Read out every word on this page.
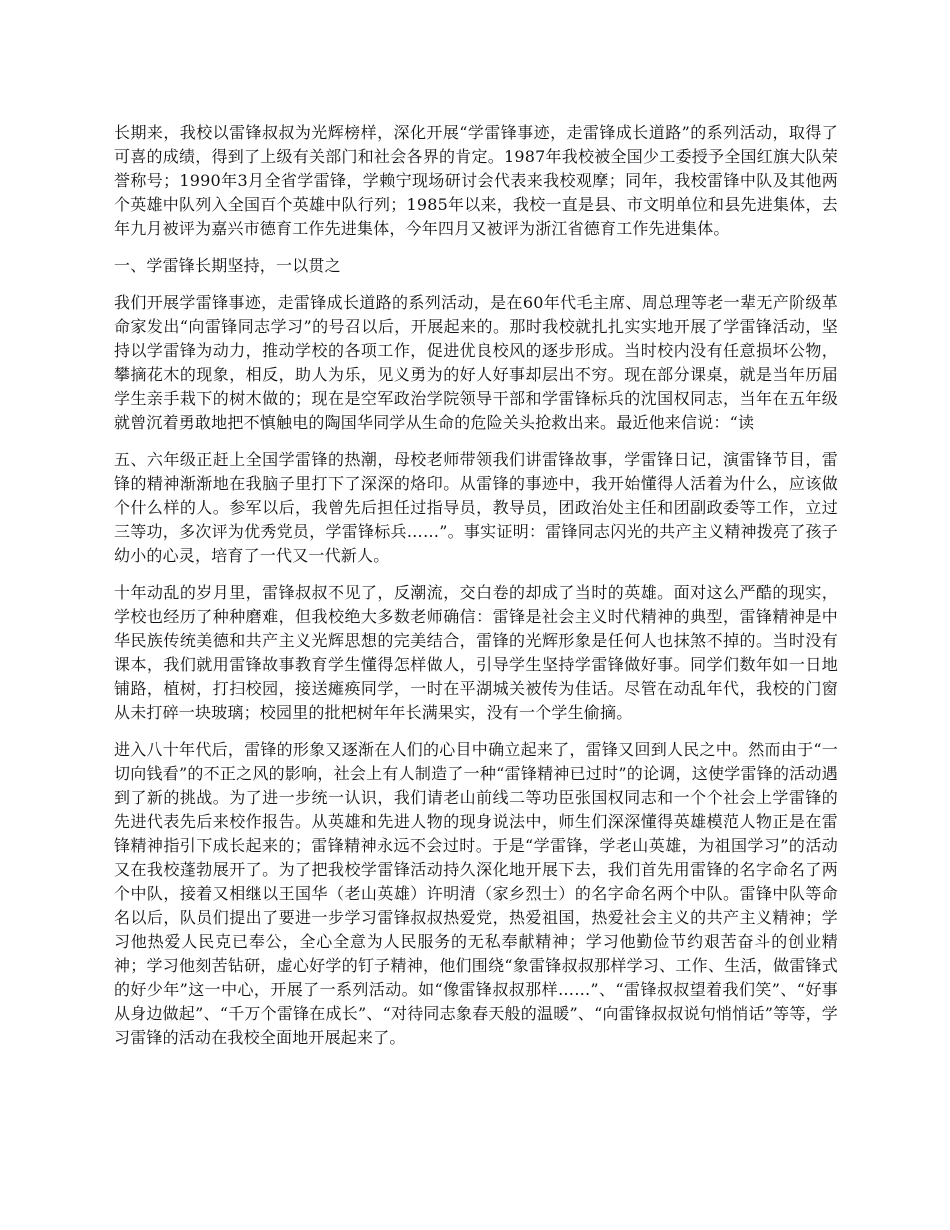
长期来，我校以雷锋叔叔为光辉榜样，深化开展“学雷锋事迹，走雷锋成长道路”的系列活动，取得了可喜的成绩，得到了上级有关部门和社会各界的肯定。1987年我校被全国少工委授予全国红旗大队荣誉称号；1990年3月全省学雷锋，学赖宁现场研讨会代表来我校观摩；同年，我校雷锋中队及其他两个英雄中队列入全国百个英雄中队行列；1985年以来，我校一直是县、市文明单位和县先进集体，去年九月被评为嘉兴市德育工作先进集体，今年四月又被评为浙江省德育工作先进集体。

一、学雷锋长期坚持，一以贯之

我们开展学雷锋事迹，走雷锋成长道路的系列活动，是在60年代毛主席、周总理等老一辈无产阶级革命家发出“向雷锋同志学习”的号召以后，开展起来的。那时我校就扎扎实实地开展了学雷锋活动，坚持以学雷锋为动力，推动学校的各项工作，促进优良校风的逐步形成。当时校内没有任意损坏公物，攀摘花木的现象，相反，助人为乐，见义勇为的好人好事却层出不穷。现在部分课桌，就是当年历届学生亲手栽下的树木做的；现在是空军政治学院领导干部和学雷锋标兵的沈国权同志，当年在五年级就曾沉着勇敢地把不慎触电的陶国华同学从生命的危险关头抢救出来。最近他来信说：“读

五、六年级正赶上全国学雷锋的热潮，母校老师带领我们讲雷锋故事，学雷锋日记，演雷锋节目，雷锋的精神渐渐地在我脑子里打下了深深的烙印。从雷锋的事迹中，我开始懂得人活着为什么，应该做个什么样的人。参军以后，我曾先后担任过指导员，教导员，团政治处主任和团副政委等工作，立过三等功，多次评为优秀党员，学雷锋标兵……”。事实证明：雷锋同志闪光的共产主义精神拨亮了孩子幼小的心灵，培育了一代又一代新人。

十年动乱的岁月里，雷锋叔叔不见了，反潮流，交白卷的却成了当时的英雄。面对这么严酷的现实，学校也经历了种种磨难，但我校绝大多数老师确信：雷锋是社会主义时代精神的典型，雷锋精神是中华民族传统美德和共产主义光辉思想的完美结合，雷锋的光辉形象是任何人也抹煞不掉的。当时没有课本，我们就用雷锋故事教育学生懂得怎样做人，引导学生坚持学雷锋做好事。同学们数年如一日地铺路，植树，打扫校园，接送瘫痪同学，一时在平湖城关被传为佳话。尽管在动乱年代，我校的门窗从未打碎一块玻璃；校园里的批杷树年年长满果实，没有一个学生偷摘。

进入八十年代后，雷锋的形象又逐渐在人们的心目中确立起来了，雷锋又回到人民之中。然而由于“一切向钱看”的不正之风的影响，社会上有人制造了一种“雷锋精神已过时”的论调，这使学雷锋的活动遇到了新的挑战。为了进一步统一认识，我们请老山前线二等功臣张国权同志和一个个社会上学雷锋的先进代表先后来校作报告。从英雄和先进人物的现身说法中，师生们深深懂得英雄模范人物正是在雷锋精神指引下成长起来的；雷锋精神永远不会过时。于是“学雷锋，学老山英雄，为祖国学习”的活动又在我校蓬勃展开了。为了把我校学雷锋活动持久深化地开展下去，我们首先用雷锋的名字命名了两个中队，接着又相继以王国华（老山英雄）许明清（家乡烈士）的名字命名两个中队。雷锋中队等命名以后，队员们提出了要进一步学习雷锋叔叔热爱党，热爱祖国，热爱社会主义的共产主义精神；学习他热爱人民克已奉公，全心全意为人民服务的无私奉献精神；学习他勤俭节约艰苦奋斗的创业精神；学习他刻苦钻研，虚心好学的钉子精神，他们围绕“象雷锋叔叔那样学习、工作、生活，做雷锋式的好少年”这一中心，开展了一系列活动。如“像雷锋叔叔那样……”、“雷锋叔叔望着我们笑”、“好事从身边做起”、“千万个雷锋在成长”、“对待同志象春天般的温暖”、“向雷锋叔叔说句悄悄话”等等，学习雷锋的活动在我校全面地开展起来了。
